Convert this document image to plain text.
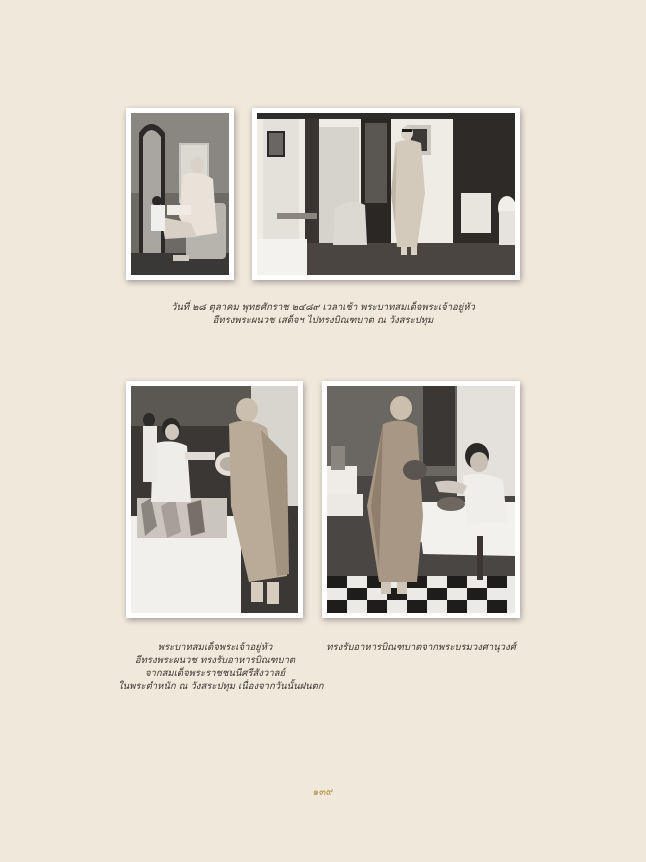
วันที่ ๒๘ ตุลาคม พุทธศักราช ๒๔๘๙ เวลาเช้า พระบาทสมเด็จพระเจ้าอยู่หัว
อีทรงพระผนวช เสด็จฯ ไปทรงบิณฑบาต ณ วังสระปทุม
พระบาทสมเด็จพระเจ้าอยู่หัว
อีทรงพระผนวช ทรงรับอาหารบิณฑบาต
จากสมเด็จพระราชชนนีศรีสังวาลย์
ในพระตำหนัก ณ วังสระปทุม เนื่องจากวันนั้นฝนตก
ทรงรับอาหารบิณฑบาตจากพระบรมวงศานุวงศ์
๑๓๙
